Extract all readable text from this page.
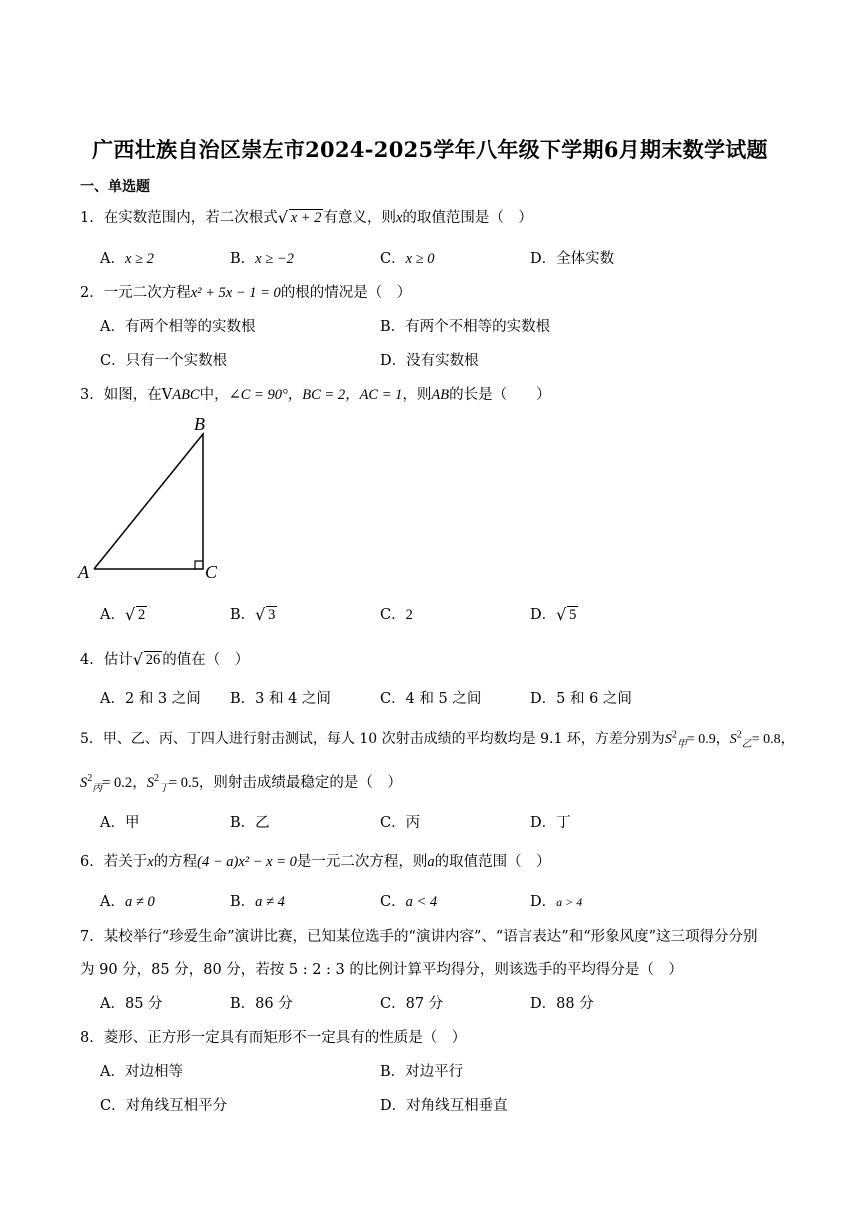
广西壮族自治区崇左市2024-2025学年八年级下学期6月期末数学试题
一、单选题
1．在实数范围内，若二次根式 √ x + 2 有意义，则x的取值范围是（　）
A．x ≥ 2	B．x ≥ −2	C．x ≥ 0	D．全体实数
2．一元二次方程x² + 5x − 1 = 0的根的情况是（　）
A．有两个相等的实数根	B．有两个不相等的实数根
C．只有一个实数根	D．没有实数根
3．如图，在VABC中，∠C = 90°，BC = 2，AC = 1，则AB的长是（　　）
B
A	C
A． √ 2	B． √ 3	C．2	D． √ 5
4．估计 √ 26 的值在（　）
A．2 和 3 之间 B．3 和 4 之间	C．4 和 5 之间	D．5 和 6 之间
5．甲、乙、丙、丁四人进行射击测试，每人 10 次射击成绩的平均数均是 9.1 环，方差分别为$S^2_甲= 0.9$，$S^2_乙= 0.8$，
$S^2_丙= 0.2$，$S^2_丁= 0.5$，则射击成绩最稳定的是（　）
A．甲	B．乙	C．丙	D．丁
6．若关于x的方程(4 − a)x² − x = 0是一元二次方程，则a的取值范围（　）
A．a ≠ 0	B．a ≠ 4	C．a < 4	D．a > 4
7．某校举行“珍爱生命”演讲比赛，已知某位选手的“演讲内容”、“语言表达”和“形象风度”这三项得分分别
为 90 分，85 分，80 分，若按 5 : 2 : 3 的比例计算平均得分，则该选手的平均得分是（　）
A．85 分	B．86 分	C．87 分	D．88 分
8．菱形、正方形一定具有而矩形不一定具有的性质是（　）
A．对边相等	B．对边平行
C．对角线互相平分	D．对角线互相垂直
